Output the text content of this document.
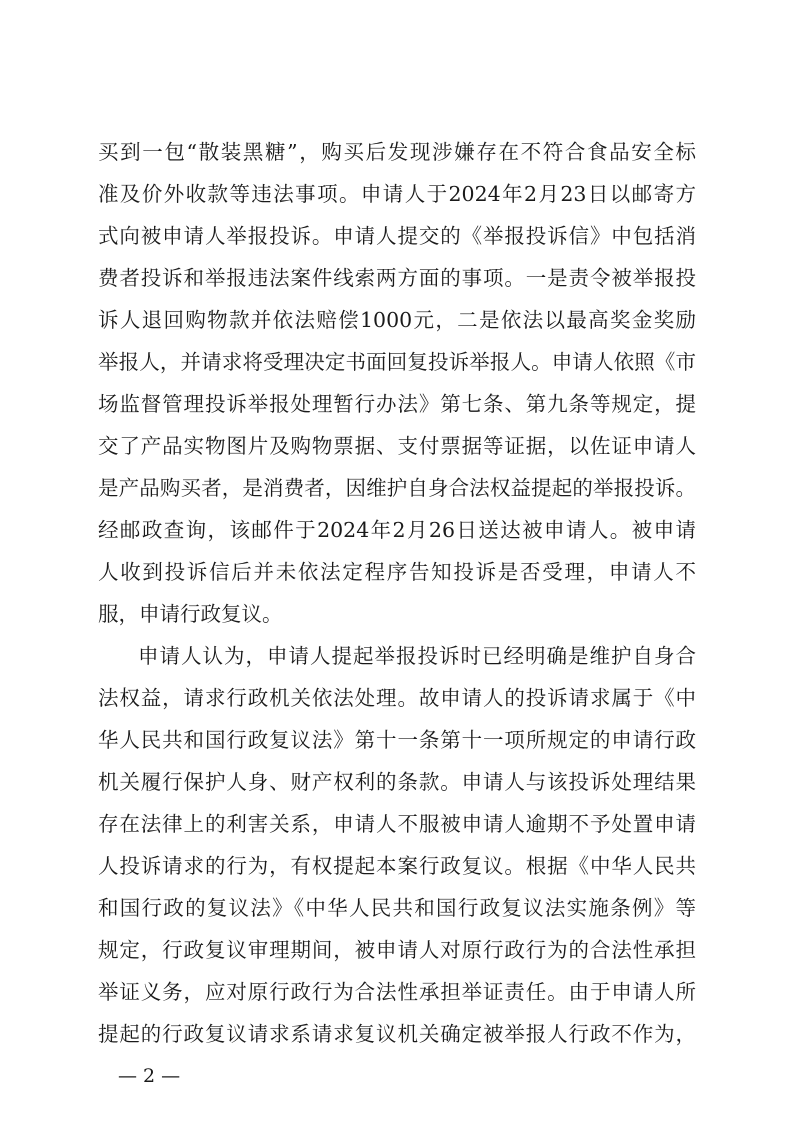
买到一包“散装黑糖”，购买后发现涉嫌存在不符合食品安全标
准及价外收款等违法事项。申请人于2024年2月23日以邮寄方
式向被申请人举报投诉。申请人提交的《举报投诉信》中包括消
费者投诉和举报违法案件线索两方面的事项。一是责令被举报投
诉人退回购物款并依法赔偿1000元，二是依法以最高奖金奖励
举报人，并请求将受理决定书面回复投诉举报人。申请人依照《市
场监督管理投诉举报处理暂行办法》第七条、第九条等规定，提
交了产品实物图片及购物票据、支付票据等证据，以佐证申请人
是产品购买者，是消费者，因维护自身合法权益提起的举报投诉。
经邮政查询，该邮件于2024年2月26日送达被申请人。被申请
人收到投诉信后并未依法定程序告知投诉是否受理，申请人不
服，申请行政复议。
申请人认为，申请人提起举报投诉时已经明确是维护自身合
法权益，请求行政机关依法处理。故申请人的投诉请求属于《中
华人民共和国行政复议法》第十一条第十一项所规定的申请行政
机关履行保护人身、财产权利的条款。申请人与该投诉处理结果
存在法律上的利害关系，申请人不服被申请人逾期不予处置申请
人投诉请求的行为，有权提起本案行政复议。根据《中华人民共
和国行政的复议法》《中华人民共和国行政复议法实施条例》等
规定，行政复议审理期间，被申请人对原行政行为的合法性承担
举证义务，应对原行政行为合法性承担举证责任。由于申请人所
提起的行政复议请求系请求复议机关确定被举报人行政不作为，
— 2 —
